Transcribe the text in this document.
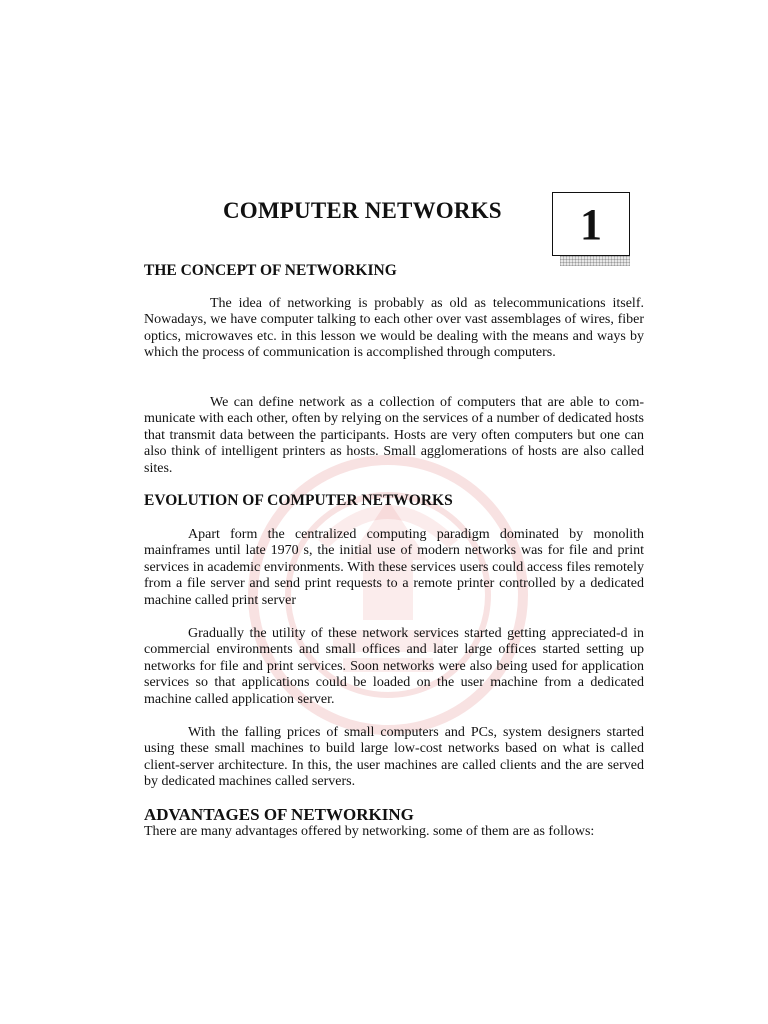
COMPUTER NETWORKS 1
THE CONCEPT OF NETWORKING

The idea of networking is probably as old as telecommunications itself. Nowadays, we have computer talking to each other over vast assemblages of wires, fiber optics, microwaves etc. in this lesson we would be dealing with the means and ways by which the process of communication is accomplished through computers.

We can define network as a collection of computers that are able to com- municate with each other, often by relying on the services of a number of dedicated hosts that transmit data between the participants. Hosts are very often computers but one can also think of intelligent printers as hosts. Small agglomerations of hosts are also called sites.

EVOLUTION OF COMPUTER NETWORKS

Apart form the centralized computing paradigm dominated by monolith mainframes until late 1970 s, the initial use of modern networks was for file and print services in academic environments. With these services users could access files remotely from a file server and send print requests to a remote printer controlled by a dedicated machine called print server

Gradually the utility of these network services started getting appreciated-d in commercial environments and small offices and later large offices started setting up networks for file and print services. Soon networks were also being used for application services so that applications could be loaded on the user machine from a dedicated machine called application server.

With the falling prices of small computers and PCs, system designers started using these small machines to build large low-cost networks based on what is called client-server architecture. In this, the user machines are called clients and the are served by dedicated machines called servers.

ADVANTAGES OF NETWORKING

There are many advantages offered by networking. some of them are as follows:
